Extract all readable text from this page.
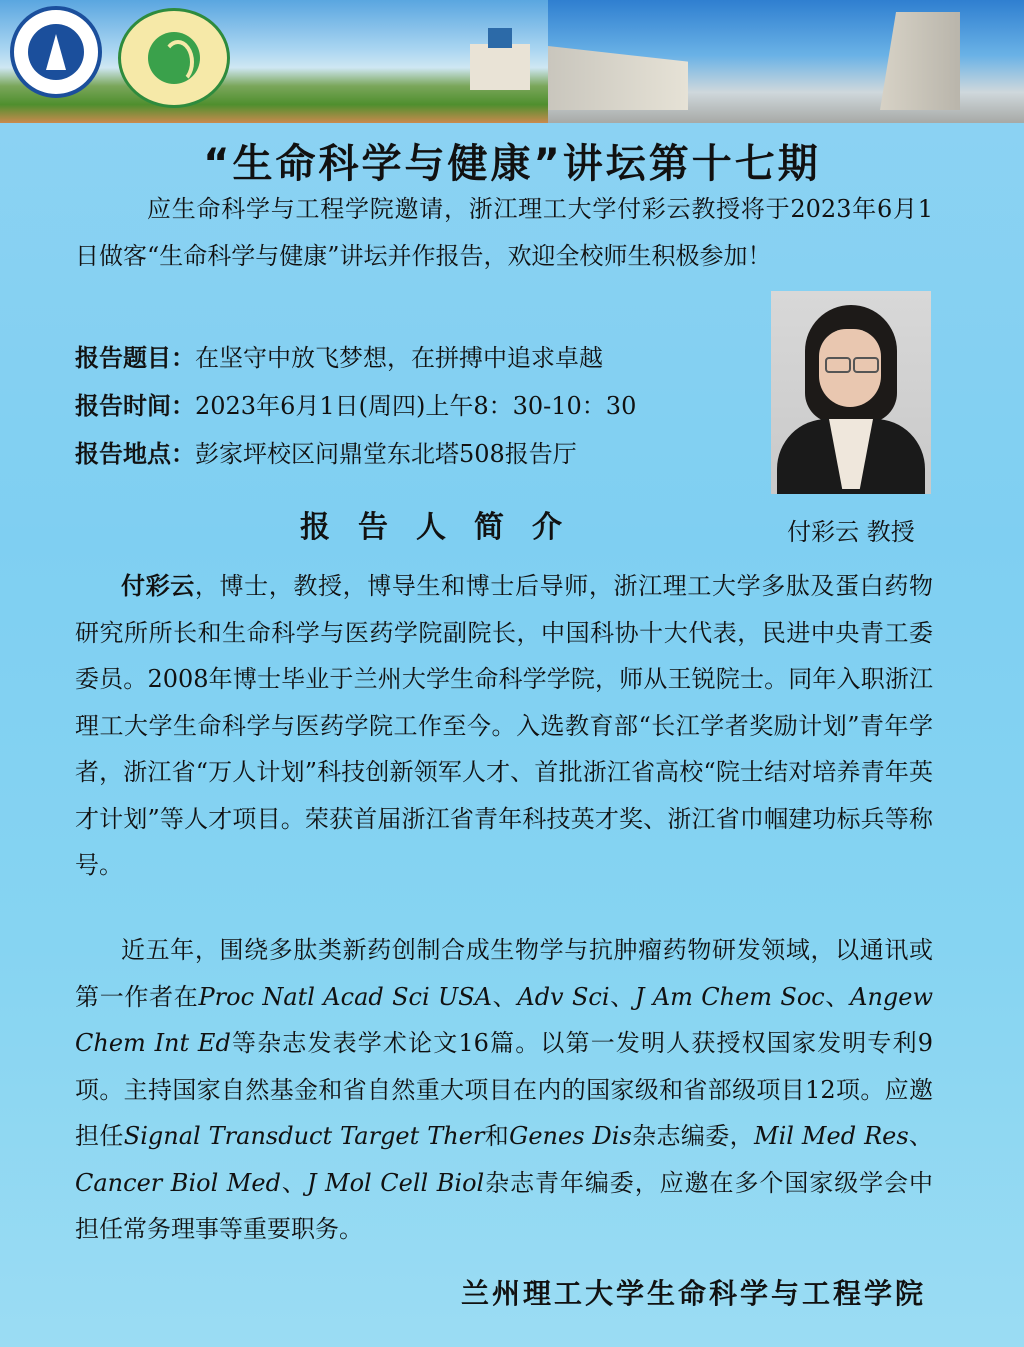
“生命科学与健康”讲坛第十七期

应生命科学与工程学院邀请，浙江理工大学付彩云教授将于2023年6月1日做客“生命科学与健康”讲坛并作报告，欢迎全校师生积极参加！

报告题目：在坚守中放飞梦想，在拼搏中追求卓越
报告时间：2023年6月1日(周四)上午8：30-10：30
报告地点：彭家坪校区问鼎堂东北塔508报告厅
付彩云 教授
报告人简介

付彩云，博士，教授，博导生和博士后导师，浙江理工大学多肽及蛋白药物研究所所长和生命科学与医药学院副院长，中国科协十大代表，民进中央青工委委员。2008年博士毕业于兰州大学生命科学学院，师从王锐院士。同年入职浙江理工大学生命科学与医药学院工作至今。入选教育部“长江学者奖励计划”青年学者，浙江省“万人计划”科技创新领军人才、首批浙江省高校“院士结对培养青年英才计划”等人才项目。荣获首届浙江省青年科技英才奖、浙江省巾帼建功标兵等称号。

近五年，围绕多肽类新药创制合成生物学与抗肿瘤药物研发领域，以通讯或第一作者在Proc Natl Acad Sci USA、Adv Sci、J Am Chem Soc、Angew Chem Int Ed等杂志发表学术论文16篇。以第一发明人获授权国家发明专利9项。主持国家自然基金和省自然重大项目在内的国家级和省部级项目12项。应邀担任Signal Transduct Target Ther和Genes Dis杂志编委，Mil Med Res、Cancer Biol Med、J Mol Cell Biol杂志青年编委，应邀在多个国家级学会中担任常务理事等重要职务。

兰州理工大学生命科学与工程学院
